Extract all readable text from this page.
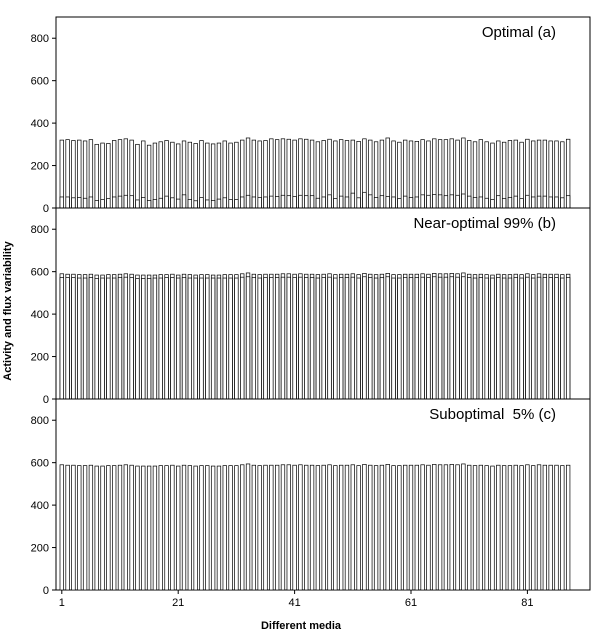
0
200
400
600
800	Optimal (a)
0
200
400
600
800	Near-optimal 99% (b)
0
200
400
600
800	Suboptimal  5% (c)
1	21	41	61	81
Different media
Activity and flux variability
